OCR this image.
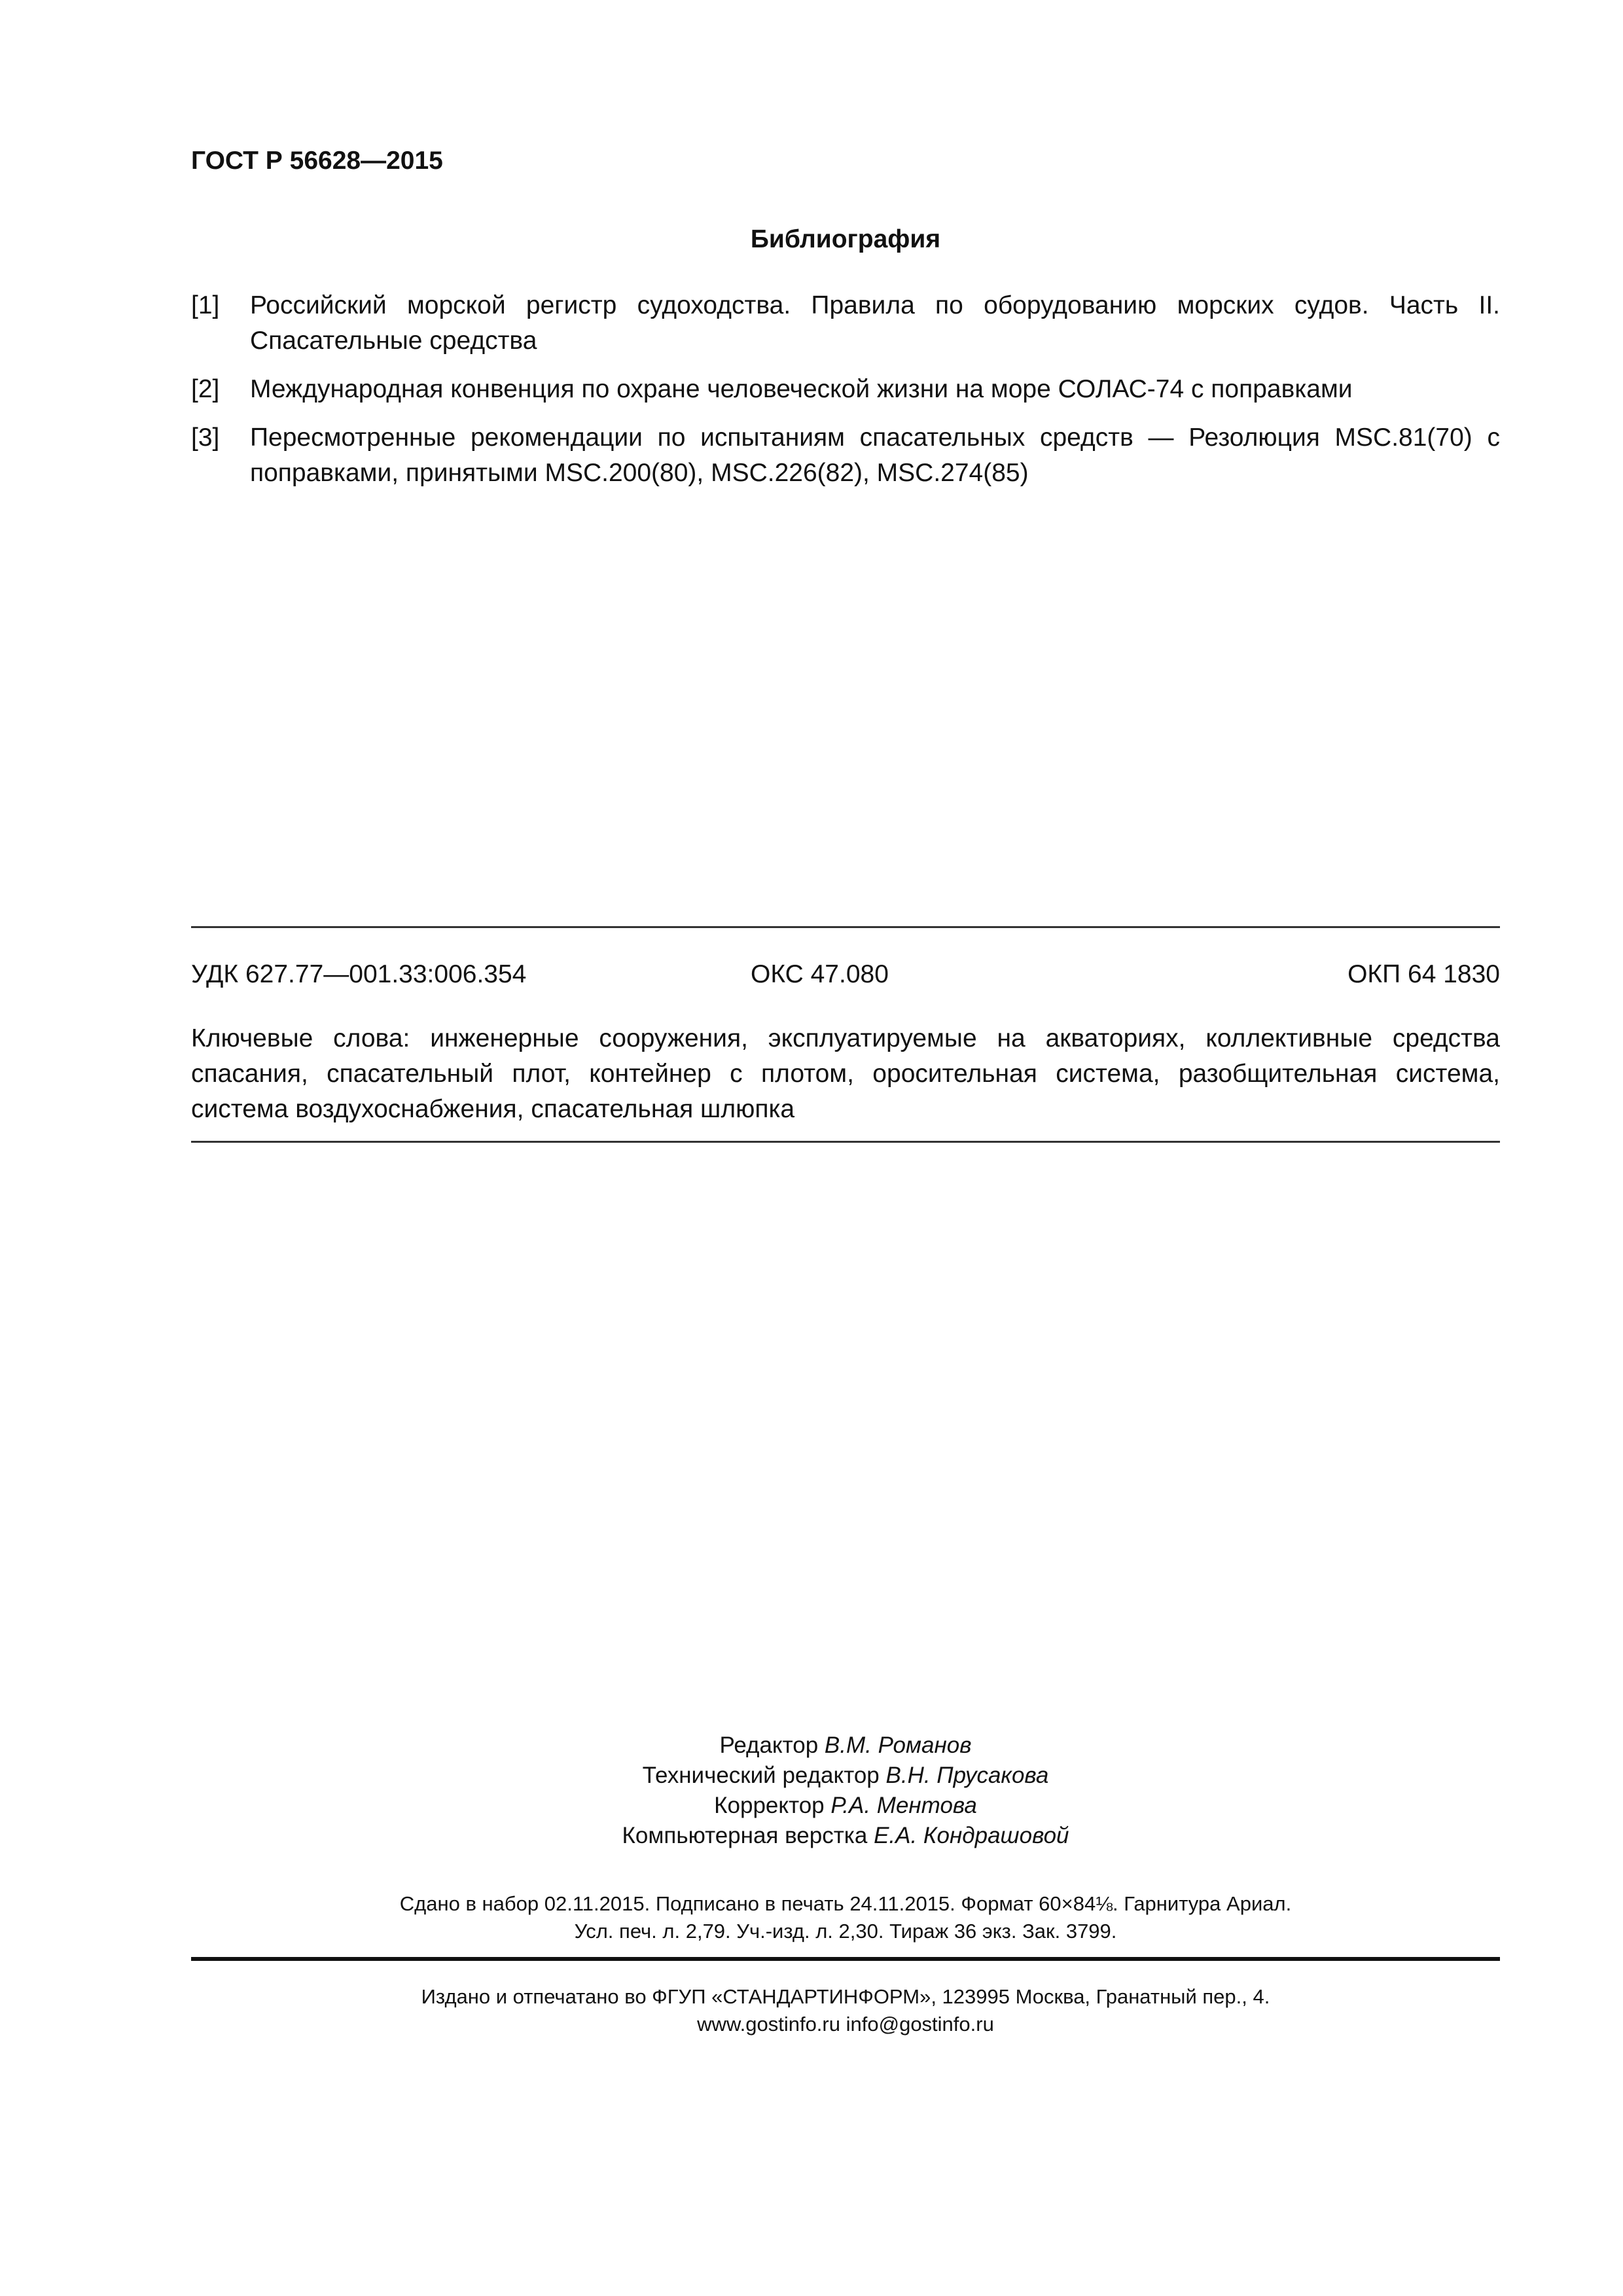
ГОСТ Р 56628—2015
Библиография
[1]	Российский морской регистр судоходства. Правила по оборудованию морских судов. Часть II. Спасательные средства
[2]	Международная конвенция по охране человеческой жизни на море СОЛАС-74 с поправками
[3]	Пересмотренные рекомендации по испытаниям спасательных средств — Резолюция MSC.81(70) с поправками, принятыми MSC.200(80), MSC.226(82), MSC.274(85)
УДК 627.77—001.33:006.354	ОКС 47.080	ОКП 64 1830
Ключевые слова: инженерные сооружения, эксплуатируемые на акваториях, коллективные средства спасания, спасательный плот, контейнер с плотом, оросительная система, разобщительная система, система воздухоснабжения, спасательная шлюпка
Редактор В.М. Романов
Технический редактор В.Н. Прусакова
Корректор Р.А. Ментова
Компьютерная верстка Е.А. Кондрашовой
Сдано в набор 02.11.2015. Подписано в печать 24.11.2015. Формат 60×84⅛. Гарнитура Ариал.
Усл. печ. л. 2,79. Уч.-изд. л. 2,30. Тираж 36 экз. Зак. 3799.
Издано и отпечатано во ФГУП «СТАНДАРТИНФОРМ», 123995 Москва, Гранатный пер., 4.
www.gostinfo.ru info@gostinfo.ru
